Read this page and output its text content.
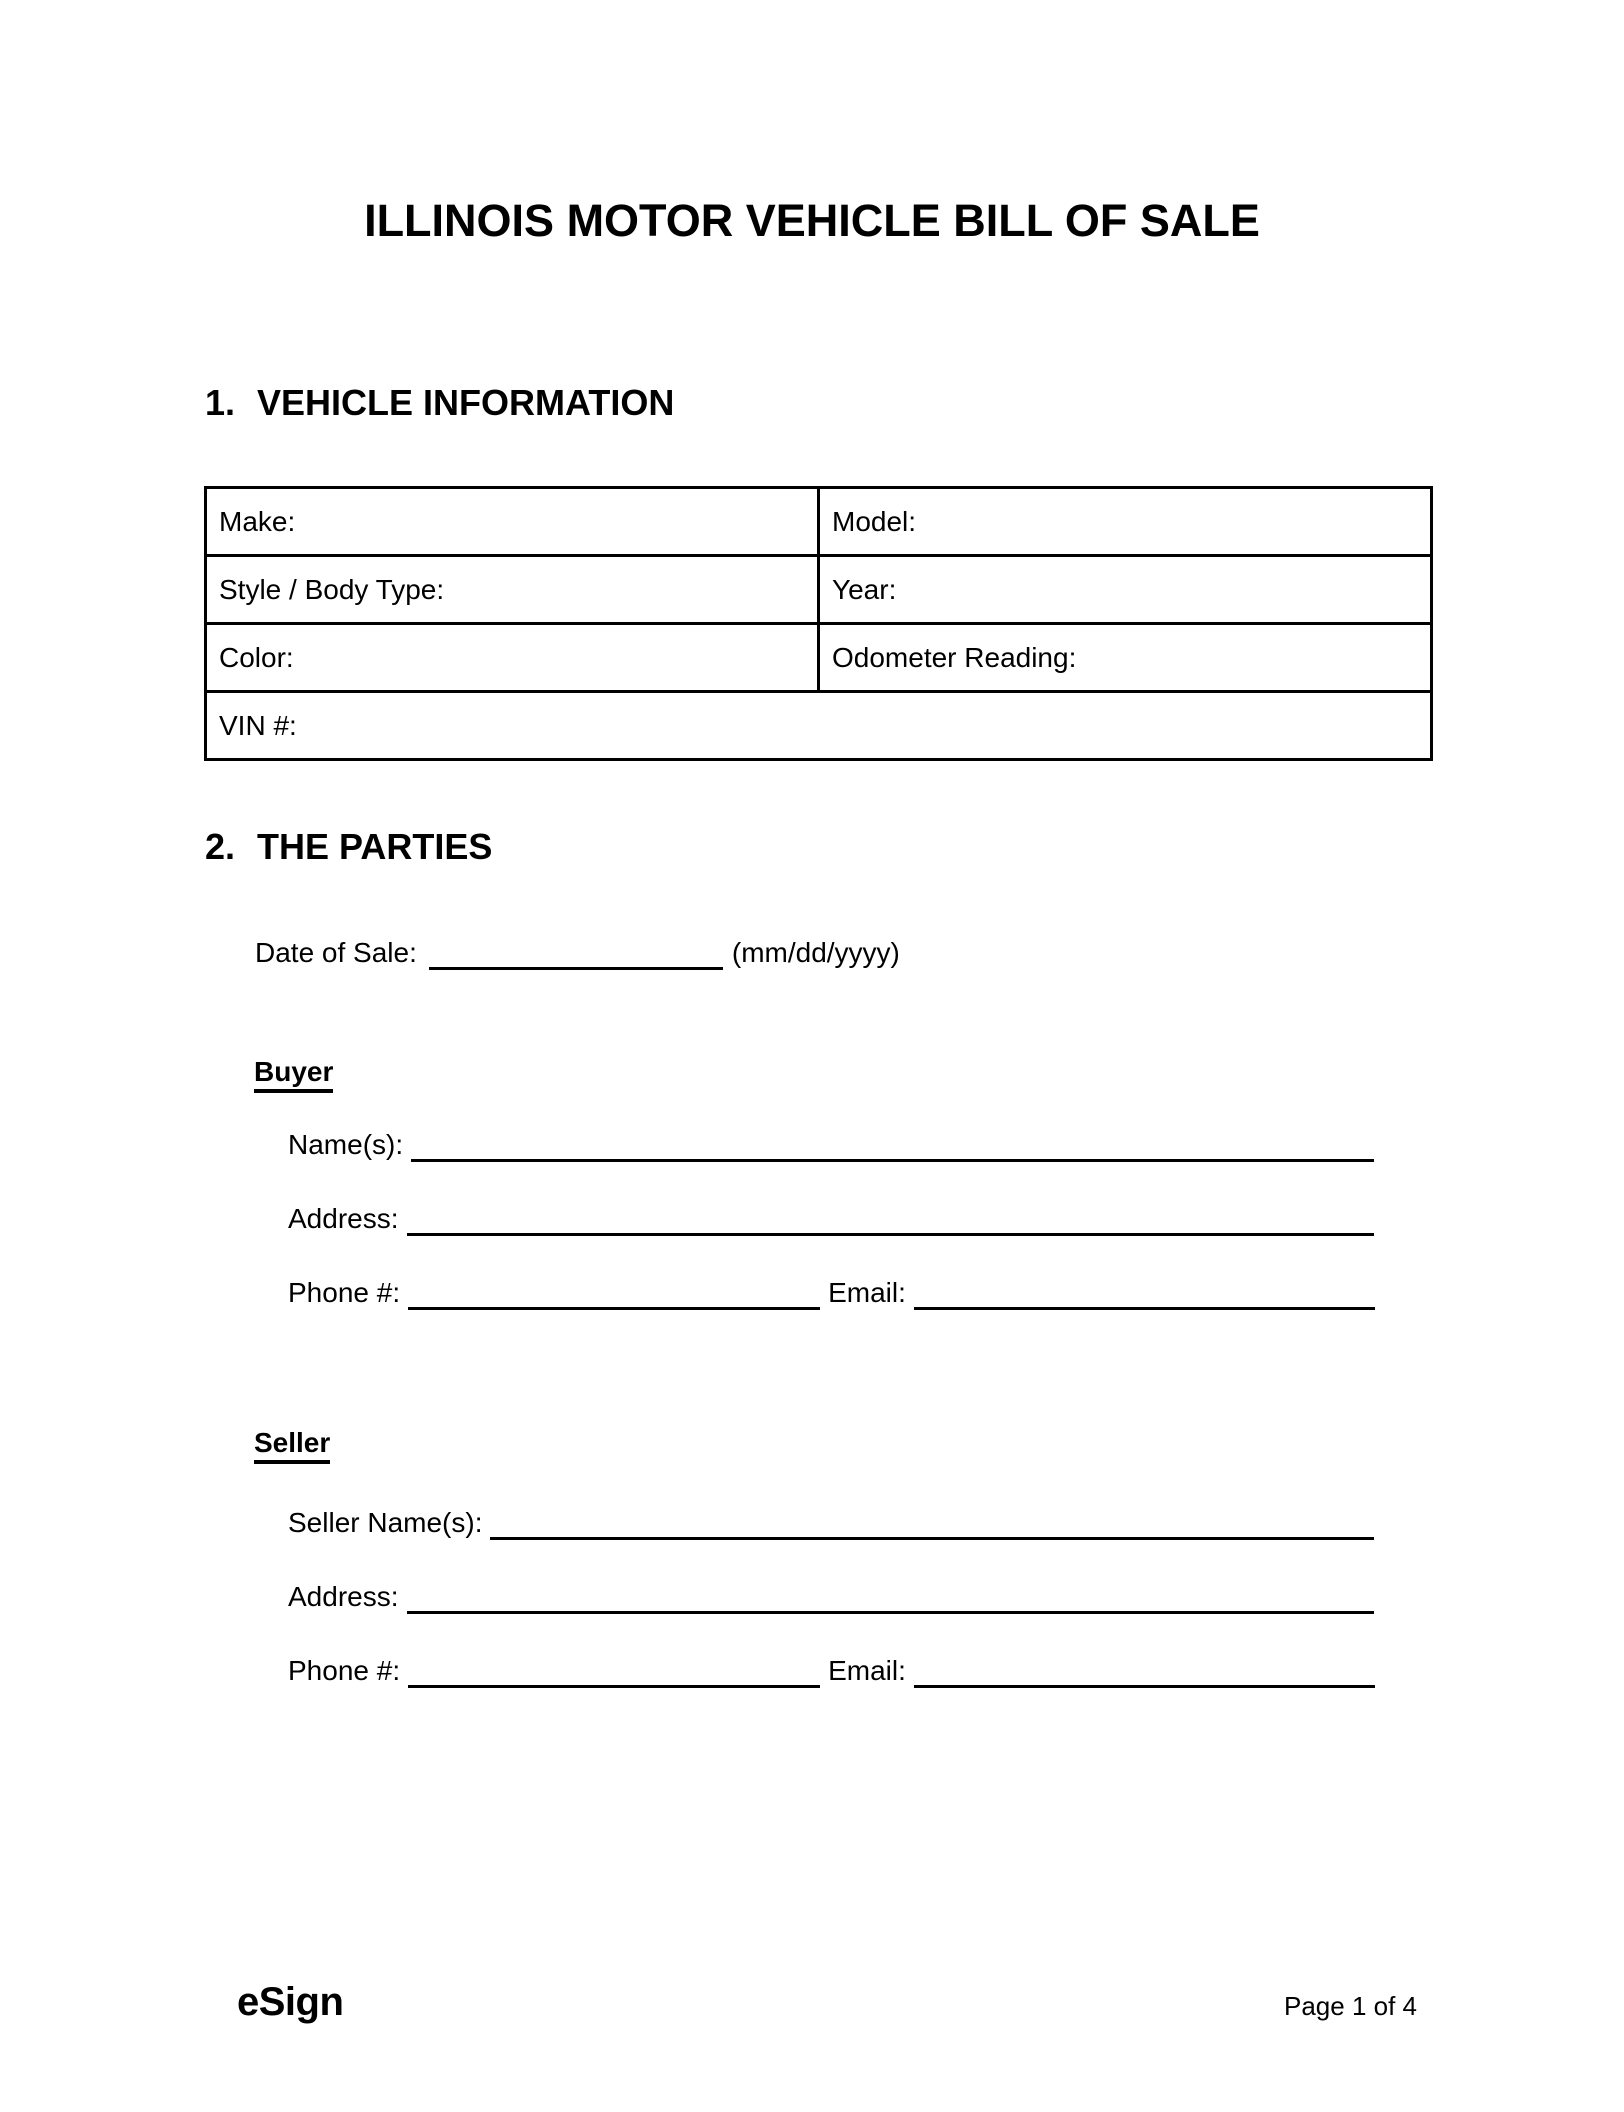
ILLINOIS MOTOR VEHICLE BILL OF SALE
1. VEHICLE INFORMATION
Make:	Model:
Style / Body Type:	Year:
Color:	Odometer Reading:
VIN #:	
2. THE PARTIES
Date of Sale:	(mm/dd/yyyy)
Buyer
Name(s):
Address:
Phone #:	Email:
Seller
Seller Name(s):
Address:
Phone #:	Email:
eSign	Page 1 of 4
